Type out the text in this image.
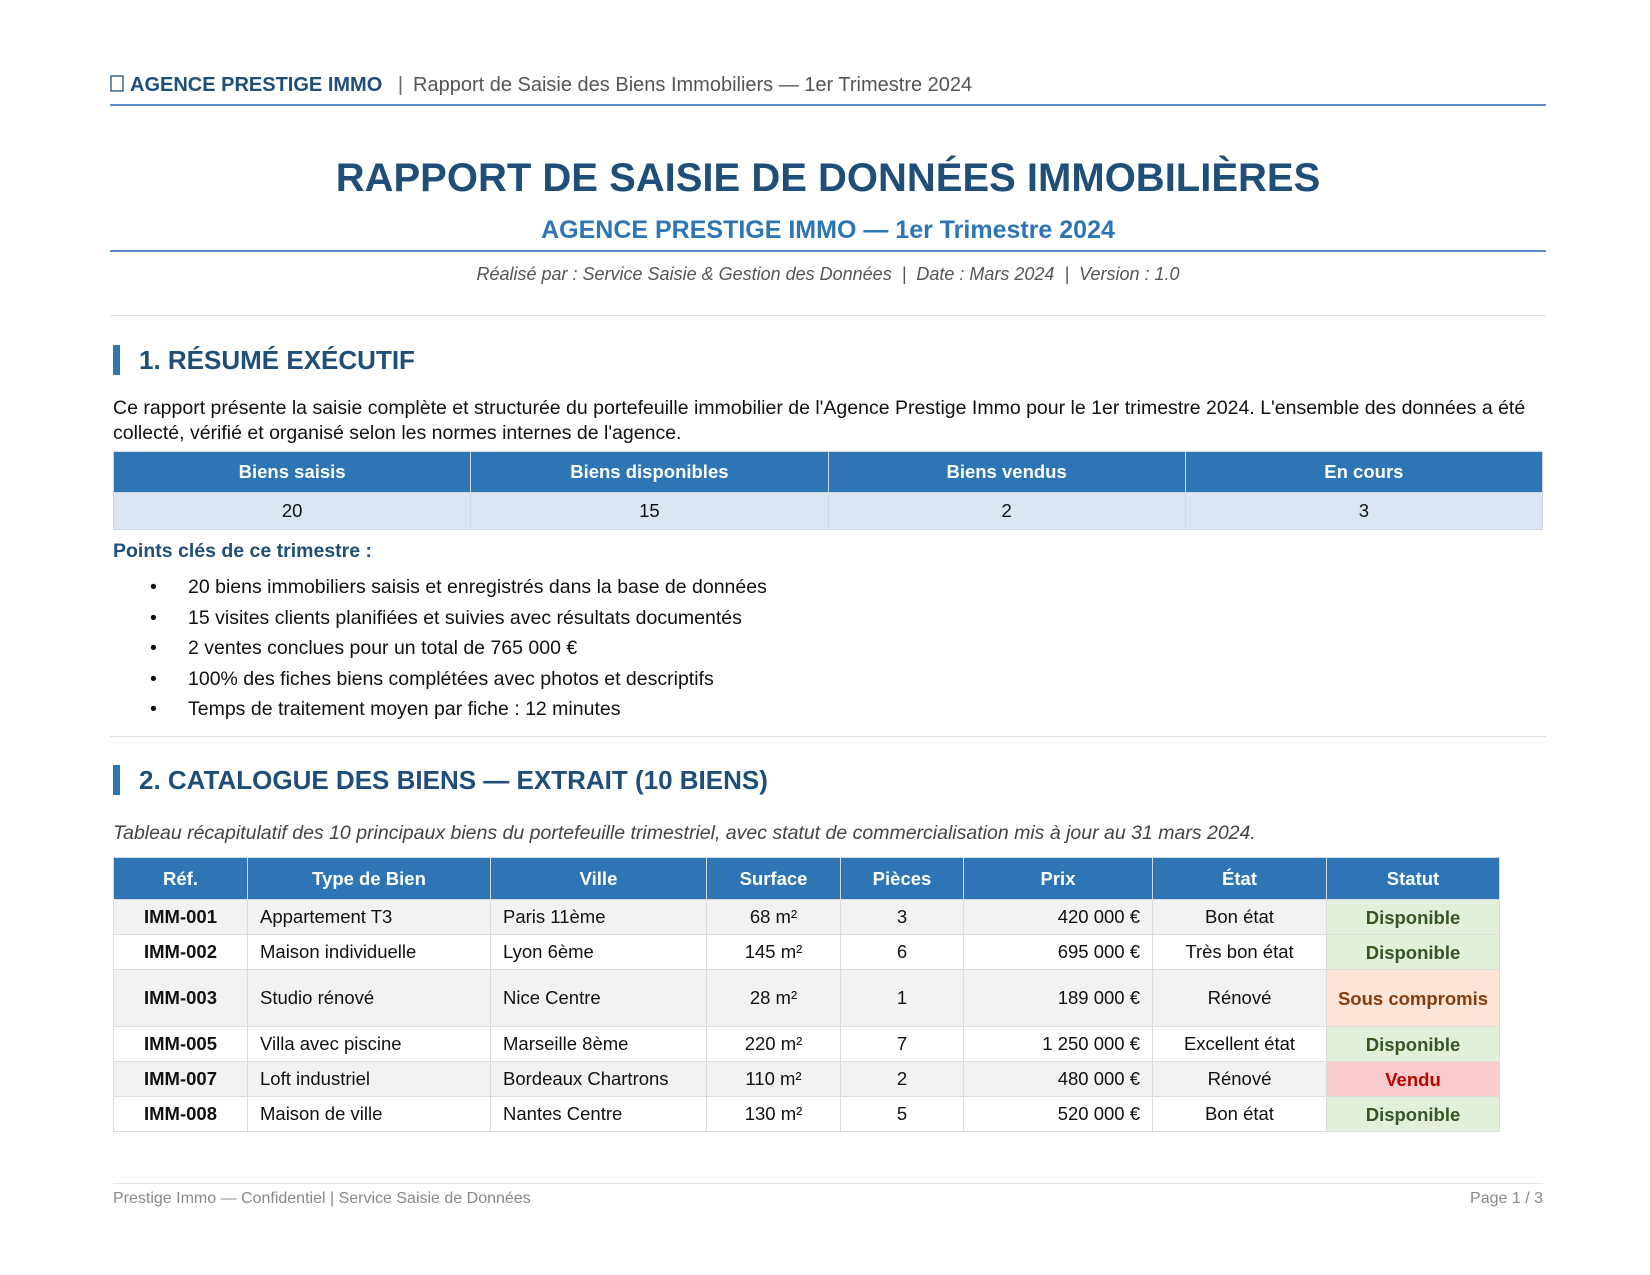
AGENCE PRESTIGE IMMO | Rapport de Saisie des Biens Immobiliers — 1er Trimestre 2024
RAPPORT DE SAISIE DE DONNÉES IMMOBILIÈRES
AGENCE PRESTIGE IMMO — 1er Trimestre 2024
Réalisé par : Service Saisie & Gestion des Données  |  Date : Mars 2024  |  Version : 1.0
1. RÉSUMÉ EXÉCUTIF

Ce rapport présente la saisie complète et structurée du portefeuille immobilier de l'Agence Prestige Immo pour le 1er trimestre 2024. L'ensemble des données a été collecté, vérifié et organisé selon les normes internes de l'agence.

Biens saisis	Biens disponibles	Biens vendus	En cours
20	15	2	3

Points clés de ce trimestre :

• 20 biens immobiliers saisis et enregistrés dans la base de données
• 15 visites clients planifiées et suivies avec résultats documentés
• 2 ventes conclues pour un total de 765 000 €
• 100% des fiches biens complétées avec photos et descriptifs
• Temps de traitement moyen par fiche : 12 minutes
2. CATALOGUE DES BIENS — EXTRAIT (10 BIENS)

Tableau récapitulatif des 10 principaux biens du portefeuille trimestriel, avec statut de commercialisation mis à jour au 31 mars 2024.

Réf.	Type de Bien	Ville	Surface	Pièces	Prix	État	Statut
IMM-001	Appartement T3	Paris 11ème	68 m²	3	420 000 €	Bon état	Disponible
IMM-002	Maison individuelle	Lyon 6ème	145 m²	6	695 000 €	Très bon état	Disponible
IMM-003	Studio rénové	Nice Centre	28 m²	1	189 000 €	Rénové	Sous compromis
IMM-005	Villa avec piscine	Marseille 8ème	220 m²	7	1 250 000 €	Excellent état	Disponible
IMM-007	Loft industriel	Bordeaux Chartrons	110 m²	2	480 000 €	Rénové	Vendu
IMM-008	Maison de ville	Nantes Centre	130 m²	5	520 000 €	Bon état	Disponible
Prestige Immo — Confidentiel | Service Saisie de Données	Page 1 / 3
